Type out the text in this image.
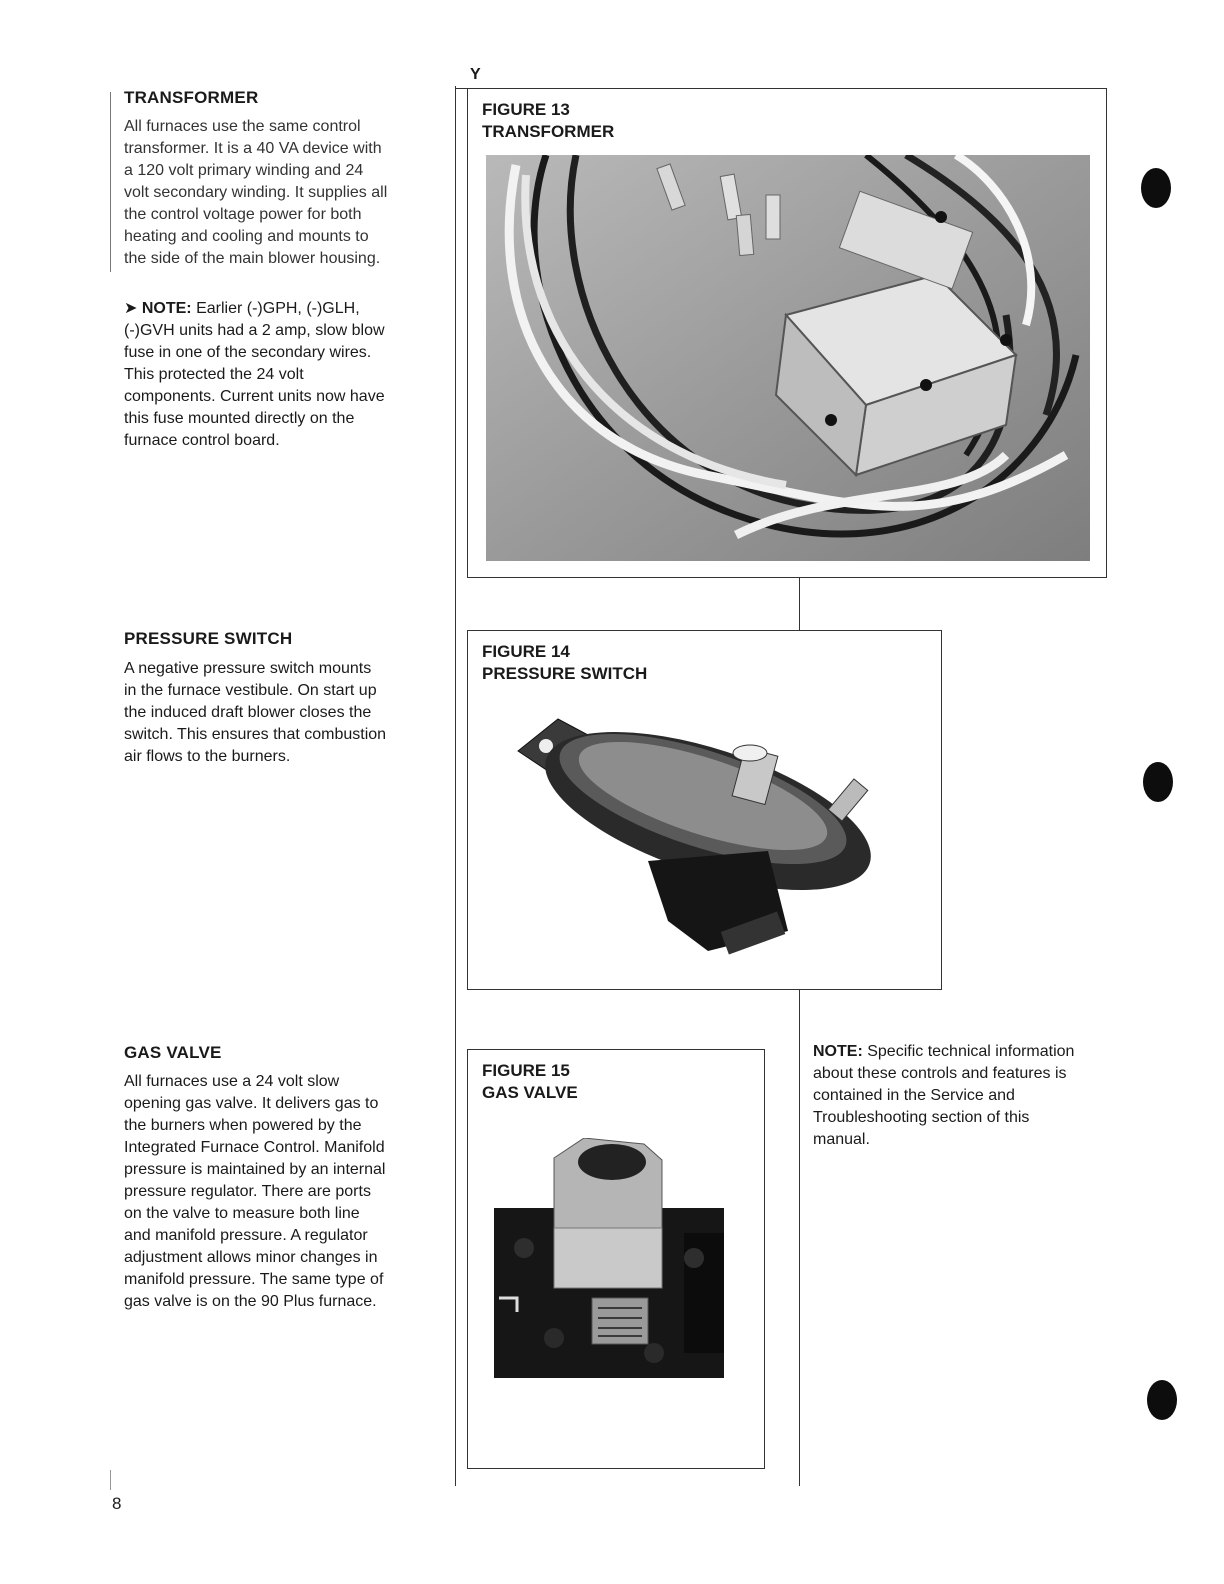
Y
TRANSFORMER
All furnaces use the same control
transformer. It is a 40 VA device with
a 120 volt primary winding and 24
volt secondary winding. It supplies all
the control voltage power for both
heating and cooling and mounts to
the side of the main blower housing.
➤ NOTE: Earlier (-)GPH, (-)GLH,
(-)GVH units had a 2 amp, slow blow
fuse in one of the secondary wires.
This protected the 24 volt
components. Current units now have
this fuse mounted directly on the
furnace control board.
PRESSURE SWITCH
A negative pressure switch mounts
in the furnace vestibule. On start up
the induced draft blower closes the
switch. This ensures that combustion
air flows to the burners.
GAS VALVE
All furnaces use a 24 volt slow
opening gas valve. It delivers gas to
the burners when powered by the
Integrated Furnace Control. Manifold
pressure is maintained by an internal
pressure regulator. There are ports
on the valve to measure both line
and manifold pressure. A regulator
adjustment allows minor changes in
manifold pressure. The same type of
gas valve is on the 90 Plus furnace.
FIGURE 13
TRANSFORMER
FIGURE 14
PRESSURE SWITCH
FIGURE 15
GAS VALVE
NOTE: Specific technical information
about these controls and features is
contained in the Service and
Troubleshooting section of this
manual.
8
